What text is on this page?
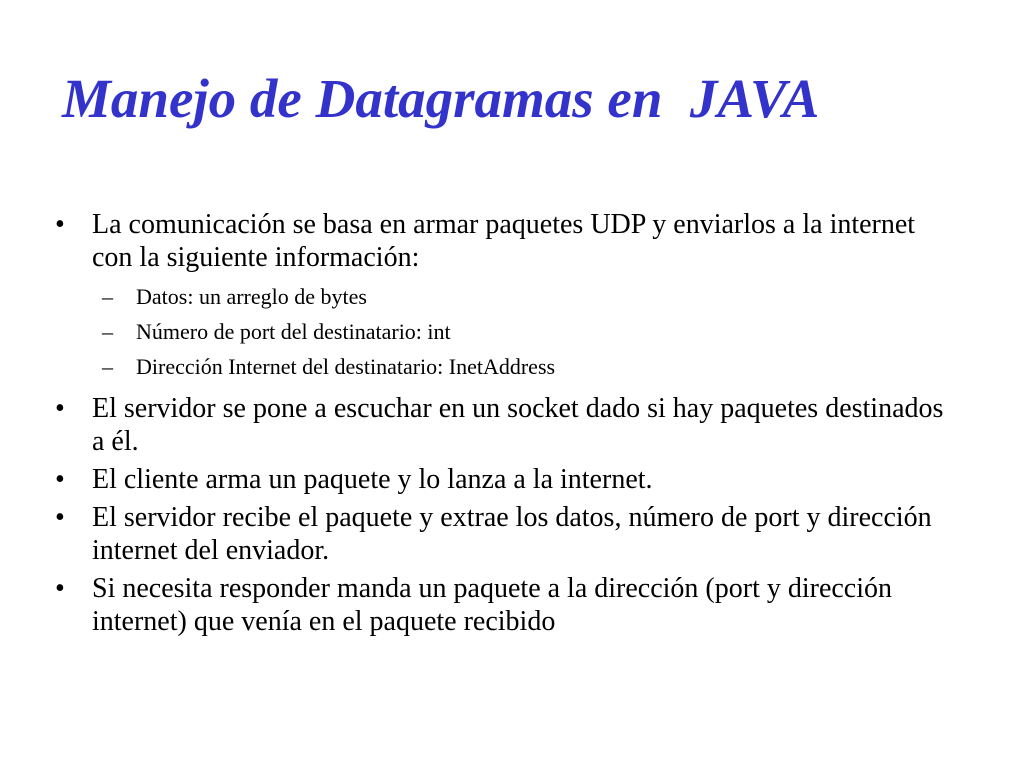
Manejo de Datagramas en  JAVA
• La comunicación se basa en armar paquetes UDP y enviarlos a la internet con la siguiente información:
– Datos: un arreglo de bytes
– Número de port del destinatario: int
– Dirección Internet del destinatario: InetAddress
• El servidor se pone a escuchar en un socket dado si hay paquetes destinados a él.
• El cliente arma un paquete y lo lanza a la internet.
• El servidor recibe el paquete y extrae los datos, número de port y dirección internet del enviador.
• Si necesita responder manda un paquete a la dirección (port y dirección internet) que venía en el paquete recibido
